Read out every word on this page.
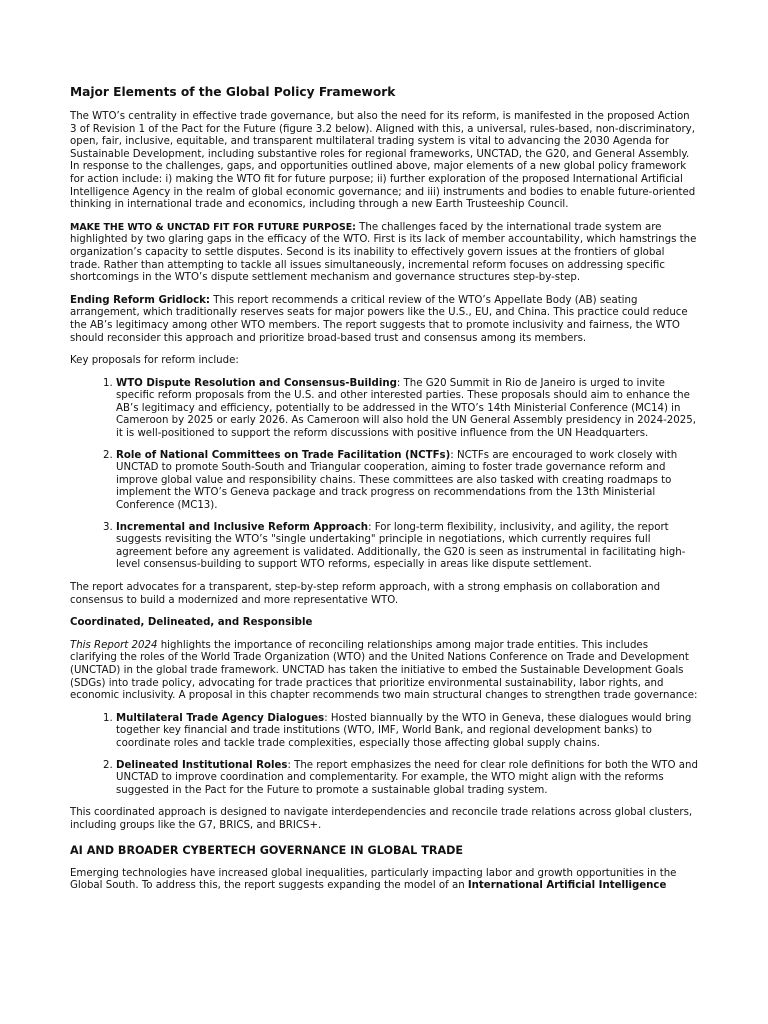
Major Elements of the Global Policy Framework

The WTO’s centrality in effective trade governance, but also the need for its reform, is manifested in the proposed Action 3 of Revision 1 of the Pact for the Future (figure 3.2 below). Aligned with this, a universal, rules-based, non-discriminatory, open, fair, inclusive, equitable, and transparent multilateral trading system is vital to advancing the 2030 Agenda for Sustainable Development, including substantive roles for regional frameworks, UNCTAD, the G20, and General Assembly. In response to the challenges, gaps, and opportunities outlined above, major elements of a new global policy framework for action include: i) making the WTO fit for future purpose; ii) further exploration of the proposed International Artificial Intelligence Agency in the realm of global economic governance; and iii) instruments and bodies to enable future-oriented thinking in international trade and economics, including through a new Earth Trusteeship Council.

MAKE THE WTO & UNCTAD FIT FOR FUTURE PURPOSE: The challenges faced by the international trade system are highlighted by two glaring gaps in the efficacy of the WTO. First is its lack of member accountability, which hamstrings the organization’s capacity to settle disputes. Second is its inability to effectively govern issues at the frontiers of global trade. Rather than attempting to tackle all issues simultaneously, incremental reform focuses on addressing specific shortcomings in the WTO’s dispute settlement mechanism and governance structures step-by-step.

Ending Reform Gridlock: This report recommends a critical review of the WTO’s Appellate Body (AB) seating arrangement, which traditionally reserves seats for major powers like the U.S., EU, and China. This practice could reduce the AB’s legitimacy among other WTO members. The report suggests that to promote inclusivity and fairness, the WTO should reconsider this approach and prioritize broad-based trust and consensus among its members.

Key proposals for reform include:

1. WTO Dispute Resolution and Consensus-Building: The G20 Summit in Rio de Janeiro is urged to invite specific reform proposals from the U.S. and other interested parties. These proposals should aim to enhance the AB’s legitimacy and efficiency, potentially to be addressed in the WTO’s 14th Ministerial Conference (MC14) in Cameroon by 2025 or early 2026. As Cameroon will also hold the UN General Assembly presidency in 2024-2025, it is well-positioned to support the reform discussions with positive influence from the UN Headquarters.
2. Role of National Committees on Trade Facilitation (NCTFs): NCTFs are encouraged to work closely with UNCTAD to promote South-South and Triangular cooperation, aiming to foster trade governance reform and improve global value and responsibility chains. These committees are also tasked with creating roadmaps to implement the WTO’s Geneva package and track progress on recommendations from the 13th Ministerial Conference (MC13).
3. Incremental and Inclusive Reform Approach: For long-term flexibility, inclusivity, and agility, the report suggests revisiting the WTO’s "single undertaking" principle in negotiations, which currently requires full agreement before any agreement is validated. Additionally, the G20 is seen as instrumental in facilitating high-level consensus-building to support WTO reforms, especially in areas like dispute settlement.

The report advocates for a transparent, step-by-step reform approach, with a strong emphasis on collaboration and consensus to build a modernized and more representative WTO.

Coordinated, Delineated, and Responsible

This Report 2024 highlights the importance of reconciling relationships among major trade entities. This includes clarifying the roles of the World Trade Organization (WTO) and the United Nations Conference on Trade and Development (UNCTAD) in the global trade framework. UNCTAD has taken the initiative to embed the Sustainable Development Goals (SDGs) into trade policy, advocating for trade practices that prioritize environmental sustainability, labor rights, and economic inclusivity. A proposal in this chapter recommends two main structural changes to strengthen trade governance:

1. Multilateral Trade Agency Dialogues: Hosted biannually by the WTO in Geneva, these dialogues would bring together key financial and trade institutions (WTO, IMF, World Bank, and regional development banks) to coordinate roles and tackle trade complexities, especially those affecting global supply chains.
2. Delineated Institutional Roles: The report emphasizes the need for clear role definitions for both the WTO and UNCTAD to improve coordination and complementarity. For example, the WTO might align with the reforms suggested in the Pact for the Future to promote a sustainable global trading system.

This coordinated approach is designed to navigate interdependencies and reconcile trade relations across global clusters, including groups like the G7, BRICS, and BRICS+.

AI AND BROADER CYBERTECH GOVERNANCE IN GLOBAL TRADE

Emerging technologies have increased global inequalities, particularly impacting labor and growth opportunities in the Global South. To address this, the report suggests expanding the model of an International Artificial Intelligence
